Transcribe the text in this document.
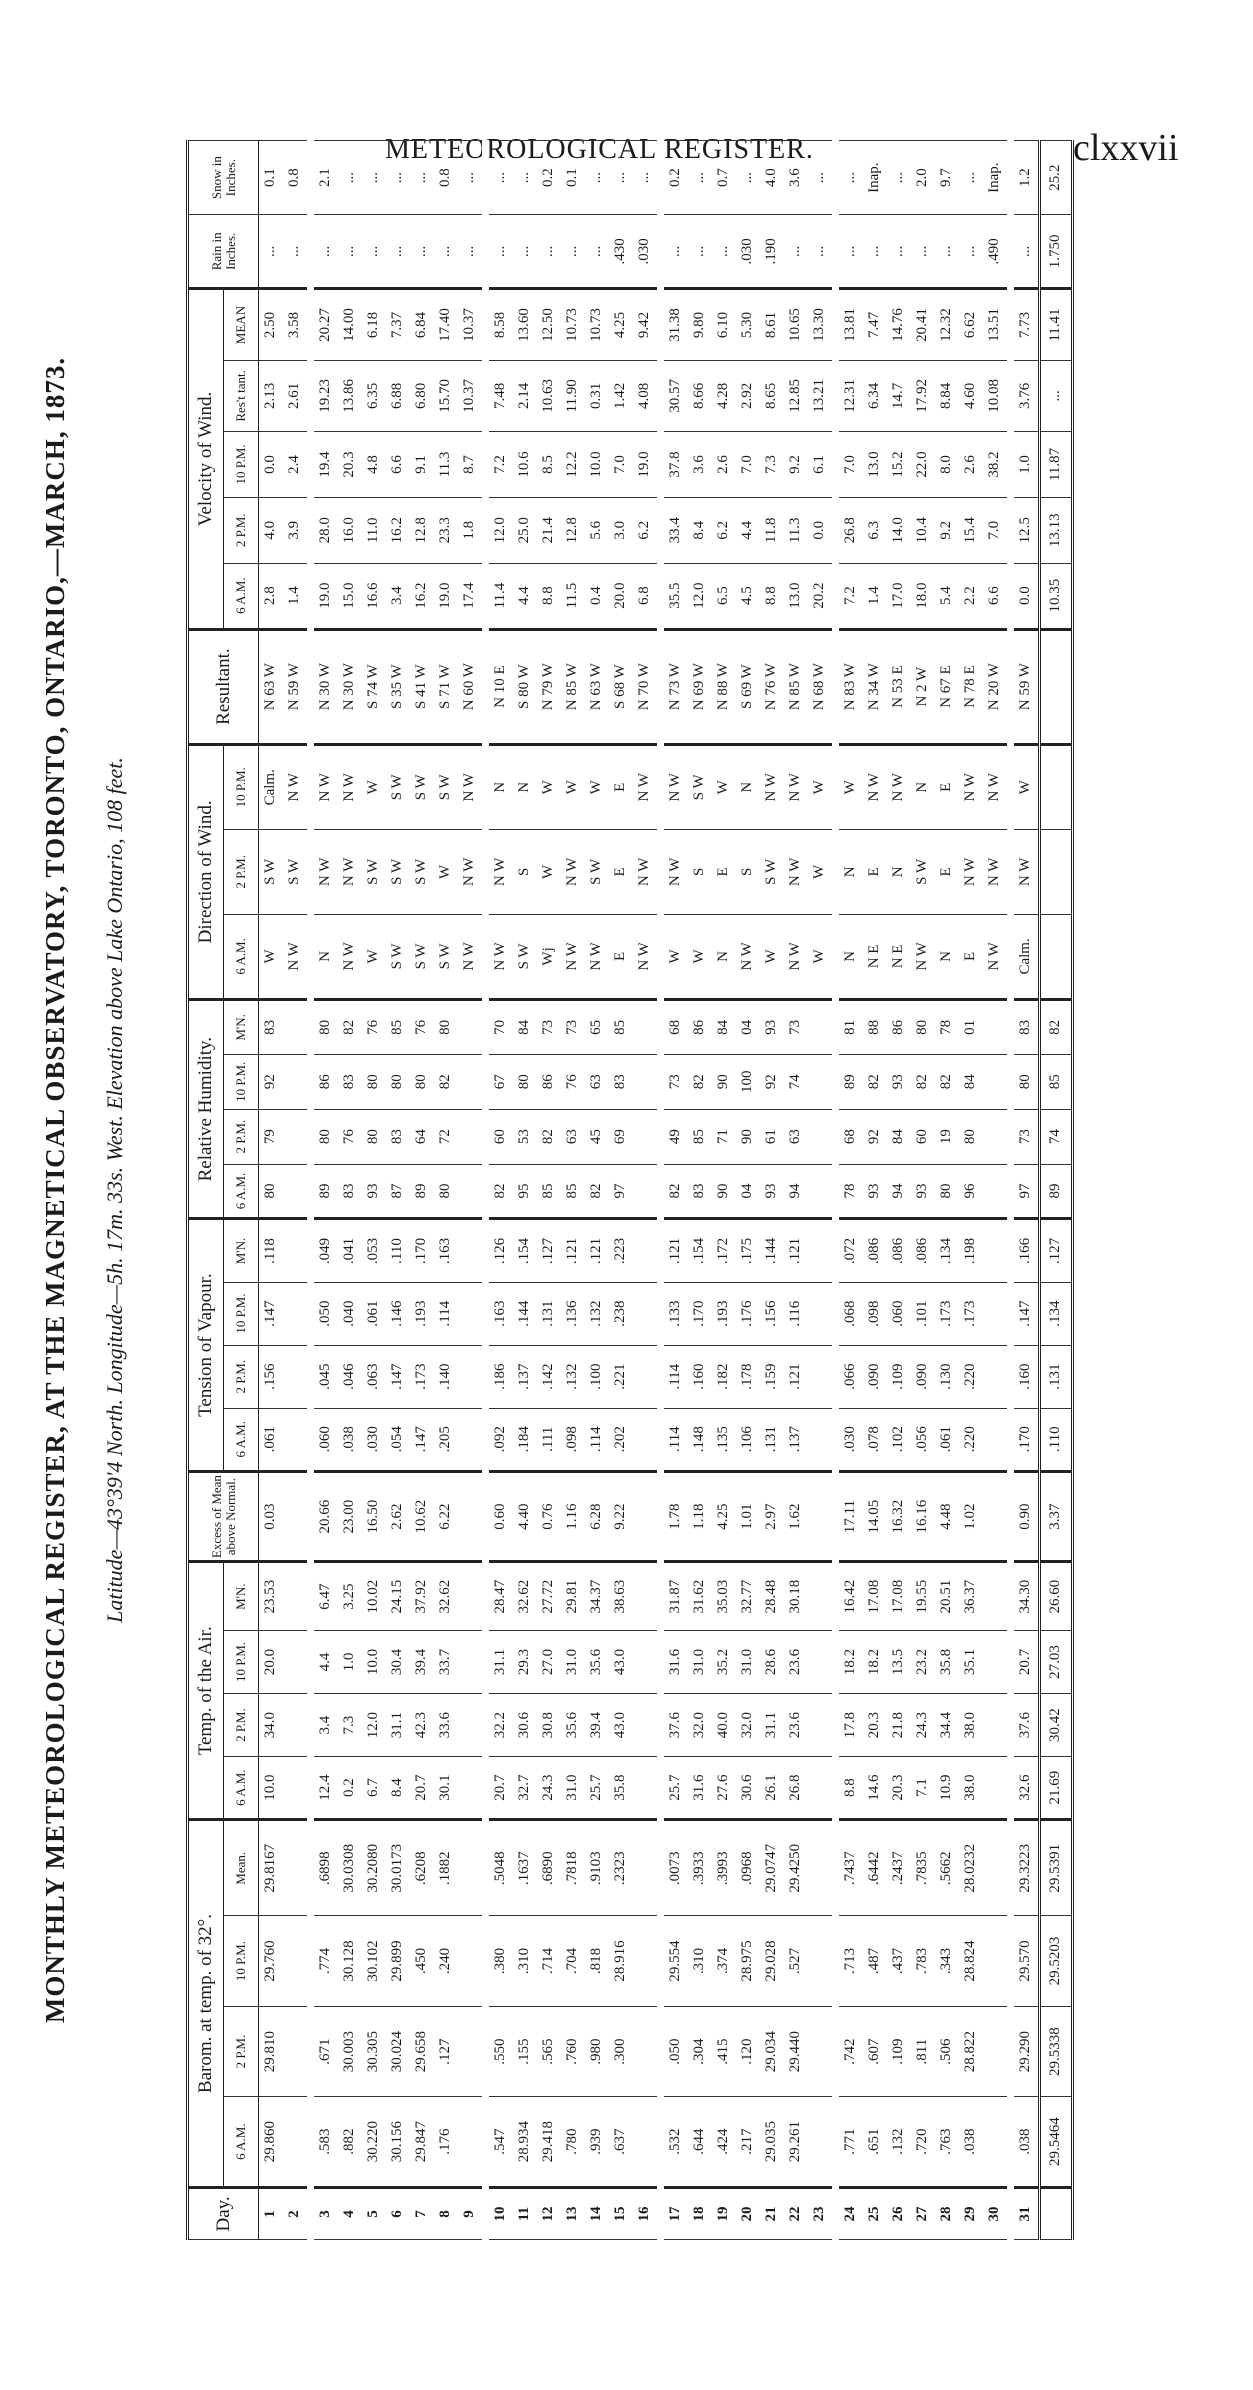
METEOROLOGICAL REGISTER.	clxxvii
MONTHLY METEOROLOGICAL REGISTER, AT THE MAGNETICAL OBSERVATORY, TORONTO, ONTARIO,—MARCH, 1873. Latitude—43°39'4 North. Longitude—5h. 17m. 33s. West. Elevation above Lake Ontario, 108 feet.
Day.	Barom. at temp. of 32°.				Temp. of the Air.				Excess of Mean above Normal.	Tension of Vapour.				Relative Humidity.				Direction of Wind.			Resultant.	Velocity of Wind.					Rain in Inches.	Snow in Inches.
	6 A.M.	2 P.M.	10 P.M.	Mean.	6 A.M.	2 P.M.	10 P.M.	M'N.		6 A.M.	2 P.M.	10 P.M.	M'N.	6 A.M.	2 P.M.	10 P.M.	M'N.	6 A.M.	2 P.M.	10 P.M.		6 A.M.	2 P.M.	10 P.M.	Res't tant.	MEAN		
1	29.860	29.810	29.760	29.8167	10.0	34.0	20.0	23.53	0.03	.061	.156	.147	.118	80	79	92	83	W	S W	Calm.	N 63 W	2.8	4.0	0.0	2.13	2.50	...	0.1
2																		N W	S W	N W	N 59 W	1.4	3.9	2.4	2.61	3.58	...	0.8
3	.583	.671	.774	.6898	12.4	3.4	4.4	6.47	20.66	.060	.045	.050	.049	89	80	86	80	N	N W	N W	N 30 W	19.0	28.0	19.4	19.23	20.27	...	2.1
4	.882	30.003	30.128	30.0308	0.2	7.3	1.0	3.25	23.00	.038	.046	.040	.041	83	76	83	82	N W	N W	N W	N 30 W	15.0	16.0	20.3	13.86	14.00	...	...
5	30.220	30.305	30.102	30.2080	6.7	12.0	10.0	10.02	16.50	.030	.063	.061	.053	93	80	80	76	W	S W	W	S 74 W	16.6	11.0	4.8	6.35	6.18	...	...
6	30.156	30.024	29.899	30.0173	8.4	31.1	30.4	24.15	2.62	.054	.147	.146	.110	87	83	80	85	S W	S W	S W	S 35 W	3.4	16.2	6.6	6.88	7.37	...	...
7	29.847	29.658	.450	.6208	20.7	42.3	39.4	37.92	10.62	.147	.173	.193	.170	89	64	80	76	S W	S W	S W	S 41 W	16.2	12.8	9.1	6.80	6.84	...	...
8	.176	.127	.240	.1882	30.1	33.6	33.7	32.62	6.22	.205	.140	.114	.163	80	72	82	80	S W	W	S W	S 71 W	19.0	23.3	11.3	15.70	17.40	...	0.8
9																		N W	N W	N W	N 60 W	17.4	1.8	8.7	10.37	10.37	...	...
10	.547	.550	.380	.5048	20.7	32.2	31.1	28.47	0.60	.092	.186	.163	.126	82	60	67	70	N W	N W	N	N 10 E	11.4	12.0	7.2	7.48	8.58	...	...
11	28.934	.155	.310	.1637	32.7	30.6	29.3	32.62	4.40	.184	.137	.144	.154	95	53	80	84	S W	S	N	S 80 W	4.4	25.0	10.6	2.14	13.60	...	...
12	29.418	.565	.714	.6890	24.3	30.8	27.0	27.72	0.76	.111	.142	.131	.127	85	82	86	73	Wj	W	W	N 79 W	8.8	21.4	8.5	10.63	12.50	...	0.2
13	.780	.760	.704	.7818	31.0	35.6	31.0	29.81	1.16	.098	.132	.136	.121	85	63	76	73	N W	N W	W	N 85 W	11.5	12.8	12.2	11.90	10.73	...	0.1
14	.939	.980	.818	.9103	25.7	39.4	35.6	34.37	6.28	.114	.100	.132	.121	82	45	63	65	N W	S W	W	N 63 W	0.4	5.6	10.0	0.31	10.73	...	...
15	.637	.300	28.916	.2323	35.8	43.0	43.0	38.63	9.22	.202	.221	.238	.223	97	69	83	85	E	E	E	S 68 W	20.0	3.0	7.0	1.42	4.25	.430	...
16																		N W	N W	N W	N 70 W	6.8	6.2	19.0	4.08	9.42	.030	...
17	.532	.050	29.554	.0073	25.7	37.6	31.6	31.87	1.78	.114	.114	.133	.121	82	49	73	68	W	N W	N W	N 73 W	35.5	33.4	37.8	30.57	31.38	...	0.2
18	.644	.304	.310	.3933	31.6	32.0	31.0	31.62	1.18	.148	.160	.170	.154	83	85	82	86	W	S	S W	N 69 W	12.0	8.4	3.6	8.66	9.80	...	...
19	.424	.415	.374	.3993	27.6	40.0	35.2	35.03	4.25	.135	.182	.193	.172	90	71	90	84	N	E	W	N 88 W	6.5	6.2	2.6	4.28	6.10	...	0.7
20	.217	.120	28.975	.0968	30.6	32.0	31.0	32.77	1.01	.106	.178	.176	.175	04	90	100	04	N W	S	N	S 69 W	4.5	4.4	7.0	2.92	5.30	.030	...
21	29.035	29.034	29.028	29.0747	26.1	31.1	28.6	28.48	2.97	.131	.159	.156	.144	93	61	92	93	W	S W	N W	N 76 W	8.8	11.8	7.3	8.65	8.61	.190	4.0
22	29.261	29.440	.527	29.4250	26.8	23.6	23.6	30.18	1.62	.137	.121	.116	.121	94	63	74	73	N W	N W	N W	N 85 W	13.0	11.3	9.2	12.85	10.65	...	3.6
23																		W	W	W	N 68 W	20.2	0.0	6.1	13.21	13.30	...	...
24	.771	.742	.713	.7437	8.8	17.8	18.2	16.42	17.11	.030	.066	.068	.072	78	68	89	81	N	N	W	N 83 W	7.2	26.8	7.0	12.31	13.81	...	...
25	.651	.607	.487	.6442	14.6	20.3	18.2	17.08	14.05	.078	.090	.098	.086	93	92	82	88	N E	E	N W	N 34 W	1.4	6.3	13.0	6.34	7.47	...	Inap.
26	.132	.109	.437	.2437	20.3	21.8	13.5	17.08	16.32	.102	.109	.060	.086	94	84	93	86	N E	N	N W	N 53 E	17.0	14.0	15.2	14.7	14.76	...	...
27	.720	.811	.783	.7835	7.1	24.3	23.2	19.55	16.16	.056	.090	.101	.086	93	60	82	80	N W	S W	N	N 2 W	18.0	10.4	22.0	17.92	20.41	...	2.0
28	.763	.506	.343	.5662	10.9	34.4	35.8	20.51	4.48	.061	.130	.173	.134	80	19	82	78	N	E	E	N 67 E	5.4	9.2	8.0	8.84	12.32	...	9.7
29	.038	28.822	28.824	28.0232	38.0	38.0	35.1	36.37	1.02	.220	.220	.173	.198	96	80	84	01	E	N W	N W	N 78 E	2.2	15.4	2.6	4.60	6.62	...	...
30																		N W	N W	N W	N 20 W	6.6	7.0	38.2	10.08	13.51	.490	Inap.
31	.038	29.290	29.570	29.3223	32.6	37.6	20.7	34.30	0.90	.170	.160	.147	.166	97	73	80	83	Calm.	N W	W	N 59 W	0.0	12.5	1.0	3.76	7.73	...	1.2
	29.5464	29.5338	29.5203	29.5391	21.69	30.42	27.03	26.60	3.37	.110	.131	.134	.127	89	74	85	82					10.35	13.13	11.87	...	11.41	1.750	25.2
